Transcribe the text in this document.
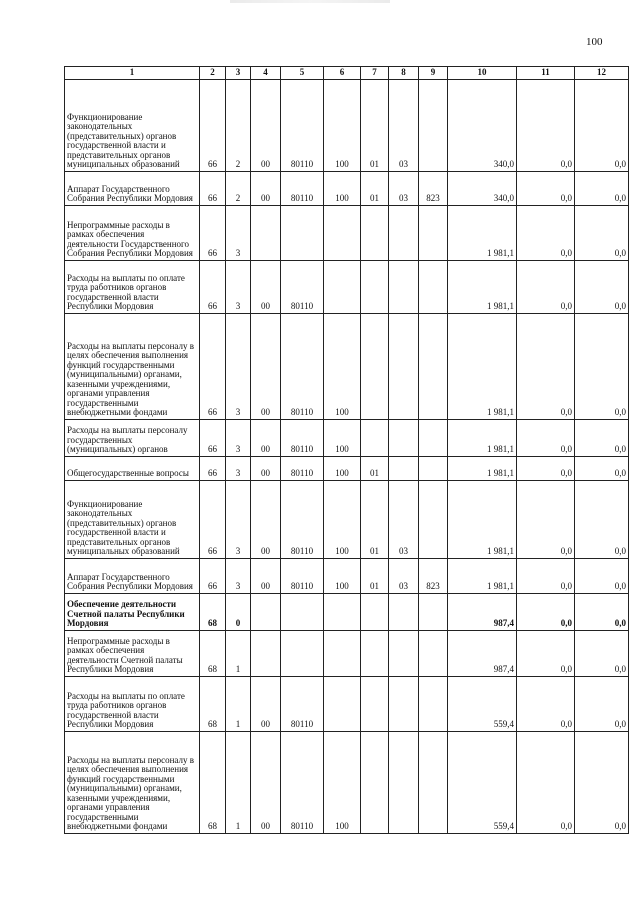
100
1	2	3	4	5	6	7	8	9	10	11	12
Функционирование законодательных (представительных) органов государственной власти и представительных органов муниципальных образований	66	2	00	80110	100	01	03		340,0	0,0	0,0
Аппарат Государственного Собрания Республики Мордовия	66	2	00	80110	100	01	03	823	340,0	0,0	0,0
Непрограммные расходы в рамках обеспечения деятельности Государственного Собрания Республики Мордовия	66	3							1 981,1	0,0	0,0
Расходы на выплаты по оплате труда работников органов государственной власти Республики Мордовия	66	3	00	80110					1 981,1	0,0	0,0
Расходы на выплаты персоналу в целях обеспечения выполнения функций государственными (муниципальными) органами, казенными учреждениями, органами управления государственными внебюджетными фондами	66	3	00	80110	100				1 981,1	0,0	0,0
Расходы на выплаты персоналу государственных (муниципальных) органов	66	3	00	80110	100				1 981,1	0,0	0,0
Общегосударственные вопросы	66	3	00	80110	100	01			1 981,1	0,0	0,0
Функционирование законодательных (представительных) органов государственной власти и представительных органов муниципальных образований	66	3	00	80110	100	01	03		1 981,1	0,0	0,0
Аппарат Государственного Собрания Республики Мордовия	66	3	00	80110	100	01	03	823	1 981,1	0,0	0,0
Обеспечение деятельности Счетной палаты Республики Мордовия	68	0							987,4	0,0	0,0
Непрограммные расходы в рамках обеспечения деятельности Счетной палаты Республики Мордовия	68	1							987,4	0,0	0,0
Расходы на выплаты по оплате труда работников органов государственной власти Республики Мордовия	68	1	00	80110					559,4	0,0	0,0
Расходы на выплаты персоналу в целях обеспечения выполнения функций государственными (муниципальными) органами, казенными учреждениями, органами управления государственными внебюджетными фондами	68	1	00	80110	100				559,4	0,0	0,0
